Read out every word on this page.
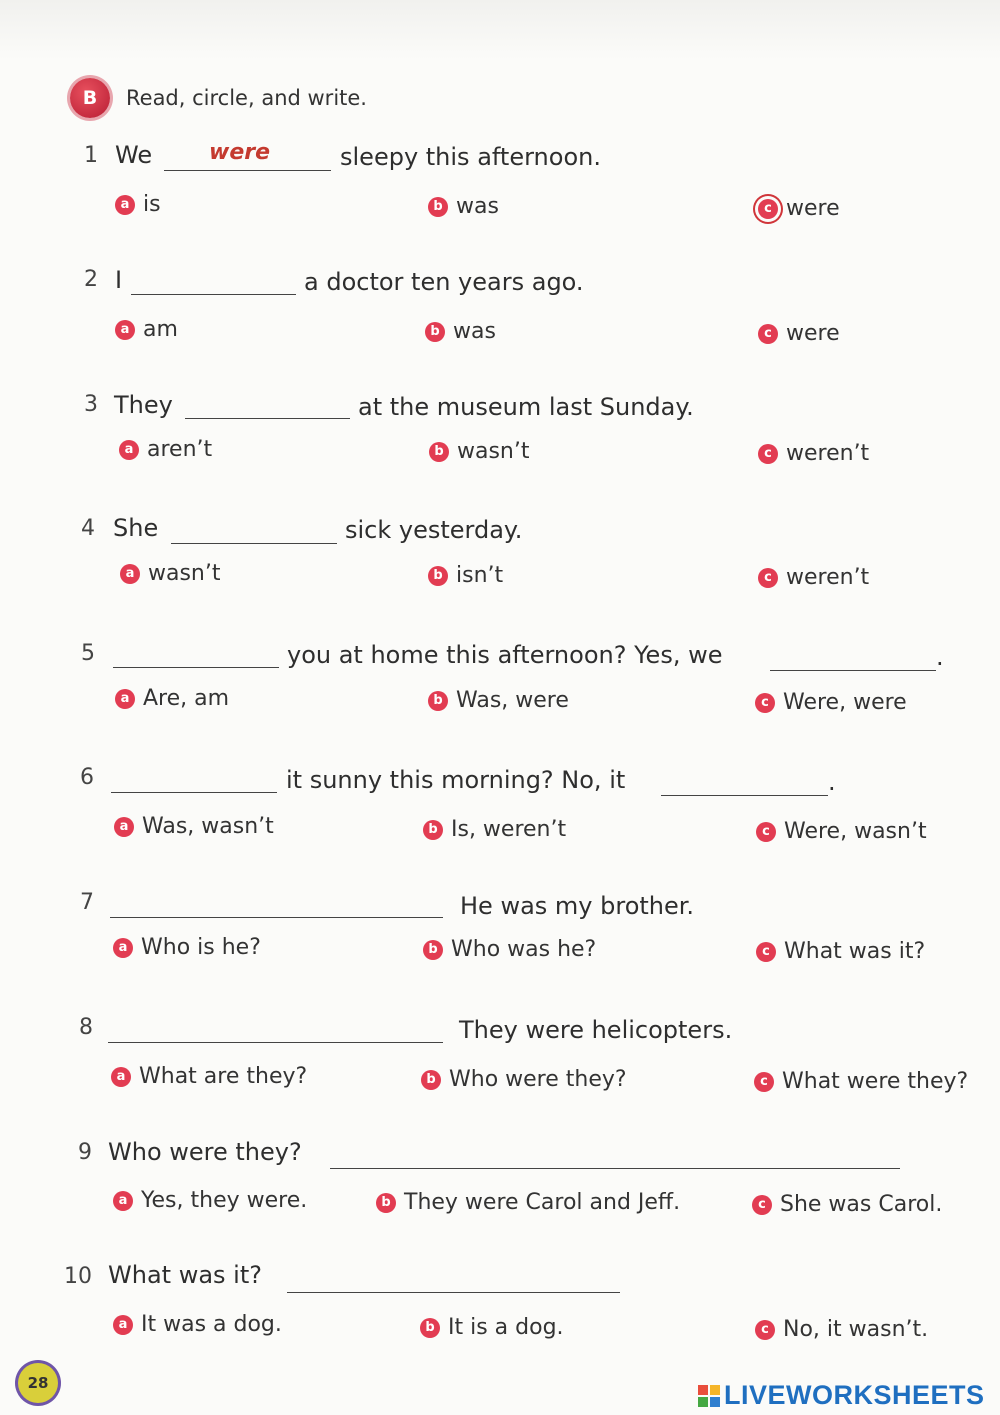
B	Read, circle, and write.
1 We	were	sleepy this afternoon.
a is	b was	c were
2 I	a doctor ten years ago.
a am	b was	c were
3 They	at the museum last Sunday.
a aren’t	b wasn’t	c weren’t
4 She	sick yesterday.
a wasn’t	b isn’t	c weren’t
5	you at home this afternoon? Yes, we	.
a Are, am	b Was, were	c Were, were
6	it sunny this morning? No, it	.
a Was, wasn’t	b Is, weren’t	c Were, wasn’t
7	He was my brother.
a Who is he?	b Who was he?	c What was it?
8	They were helicopters.
a What are they?	b Who were they?	c What were they?
9 Who were they?
a Yes, they were.	b They were Carol and Jeff.	c She was Carol.
10 What was it?
a It was a dog.	b It is a dog.	c No, it wasn’t.
28	LIVEWORKSHEETS
